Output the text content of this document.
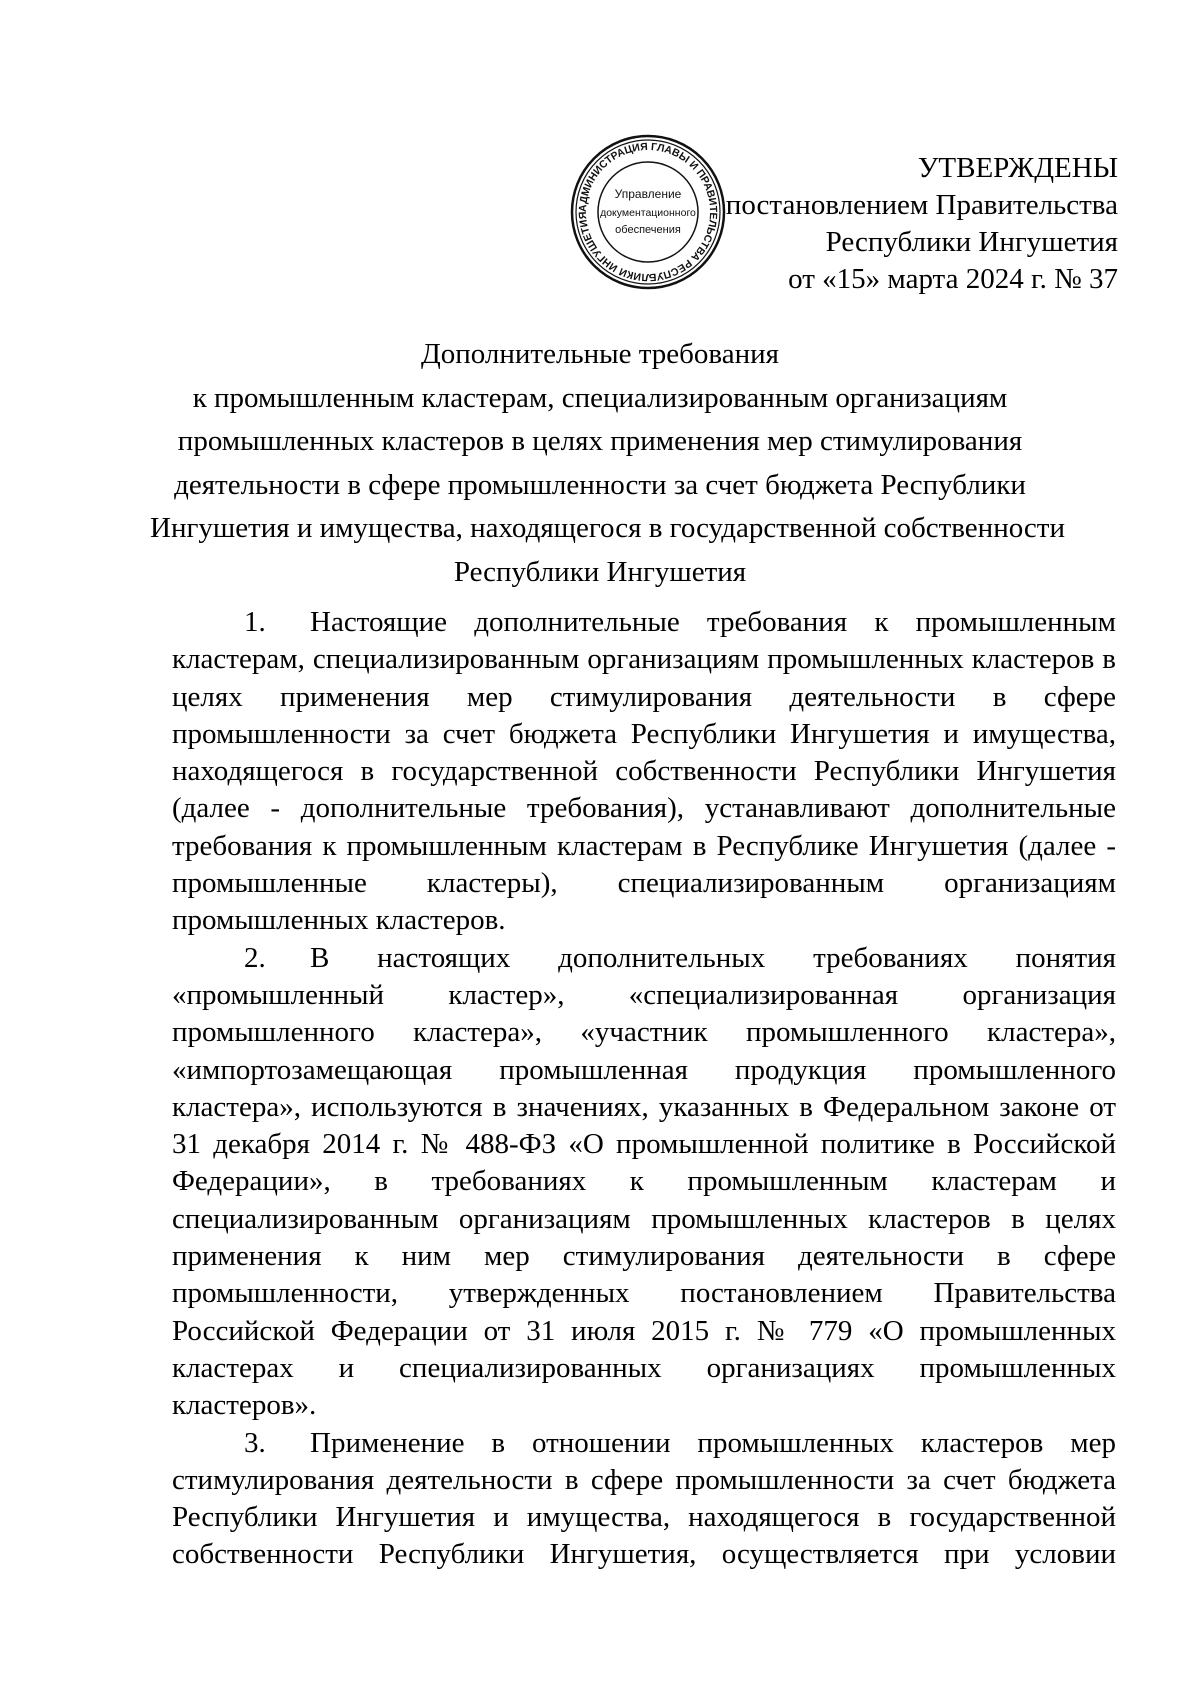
АДМИНИСТРАЦИЯ ГЛАВЫ И ПРАВИТЕЛЬСТВА РЕСПУБЛИКИ ИНГУШЕТИЯ
Управление
документационного
обеспечения
УТВЕРЖДЕНЫ
постановлением Правительства
Республики Ингушетия
от «15» марта 2024 г. № 37
Дополнительные требования
к промышленным кластерам, специализированным организациям
промышленных кластеров в целях применения мер стимулирования
деятельности в сфере промышленности за счет бюджета Республики
Ингушетия и имущества, находящегося в государственной собственности
Республики Ингушетия

1. Настоящие дополнительные требования к промышленным кластерам, специализированным организациям промышленных кластеров в целях применения мер стимулирования деятельности в сфере промышленности за счет бюджета Республики Ингушетия и имущества, находящегося в государственной собственности Республики Ингушетия (далее - дополнительные требования), устанавливают дополнительные требования к промышленным кластерам в Республике Ингушетия (далее - промышленные кластеры), специализированным организациям промышленных кластеров.

2. В настоящих дополнительных требованиях понятия «промышленный кластер», «специализированная организация промышленного кластера», «участник промышленного кластера», «импортозамещающая промышленная продукция промышленного кластера», используются в значениях, указанных в Федеральном законе от 31 декабря 2014 г. № 488-ФЗ «О промышленной политике в Российской Федерации», в требованиях к промышленным кластерам и специализированным организациям промышленных кластеров в целях применения к ним мер стимулирования деятельности в сфере промышленности, утвержденных постановлением Правительства Российской Федерации от 31 июля 2015 г. № 779 «О промышленных кластерах и специализированных организациях промышленных кластеров».

3. Применение в отношении промышленных кластеров мер стимулирования деятельности в сфере промышленности за счет бюджета Республики Ингушетия и имущества, находящегося в государственной собственности Республики Ингушетия, осуществляется при условии
